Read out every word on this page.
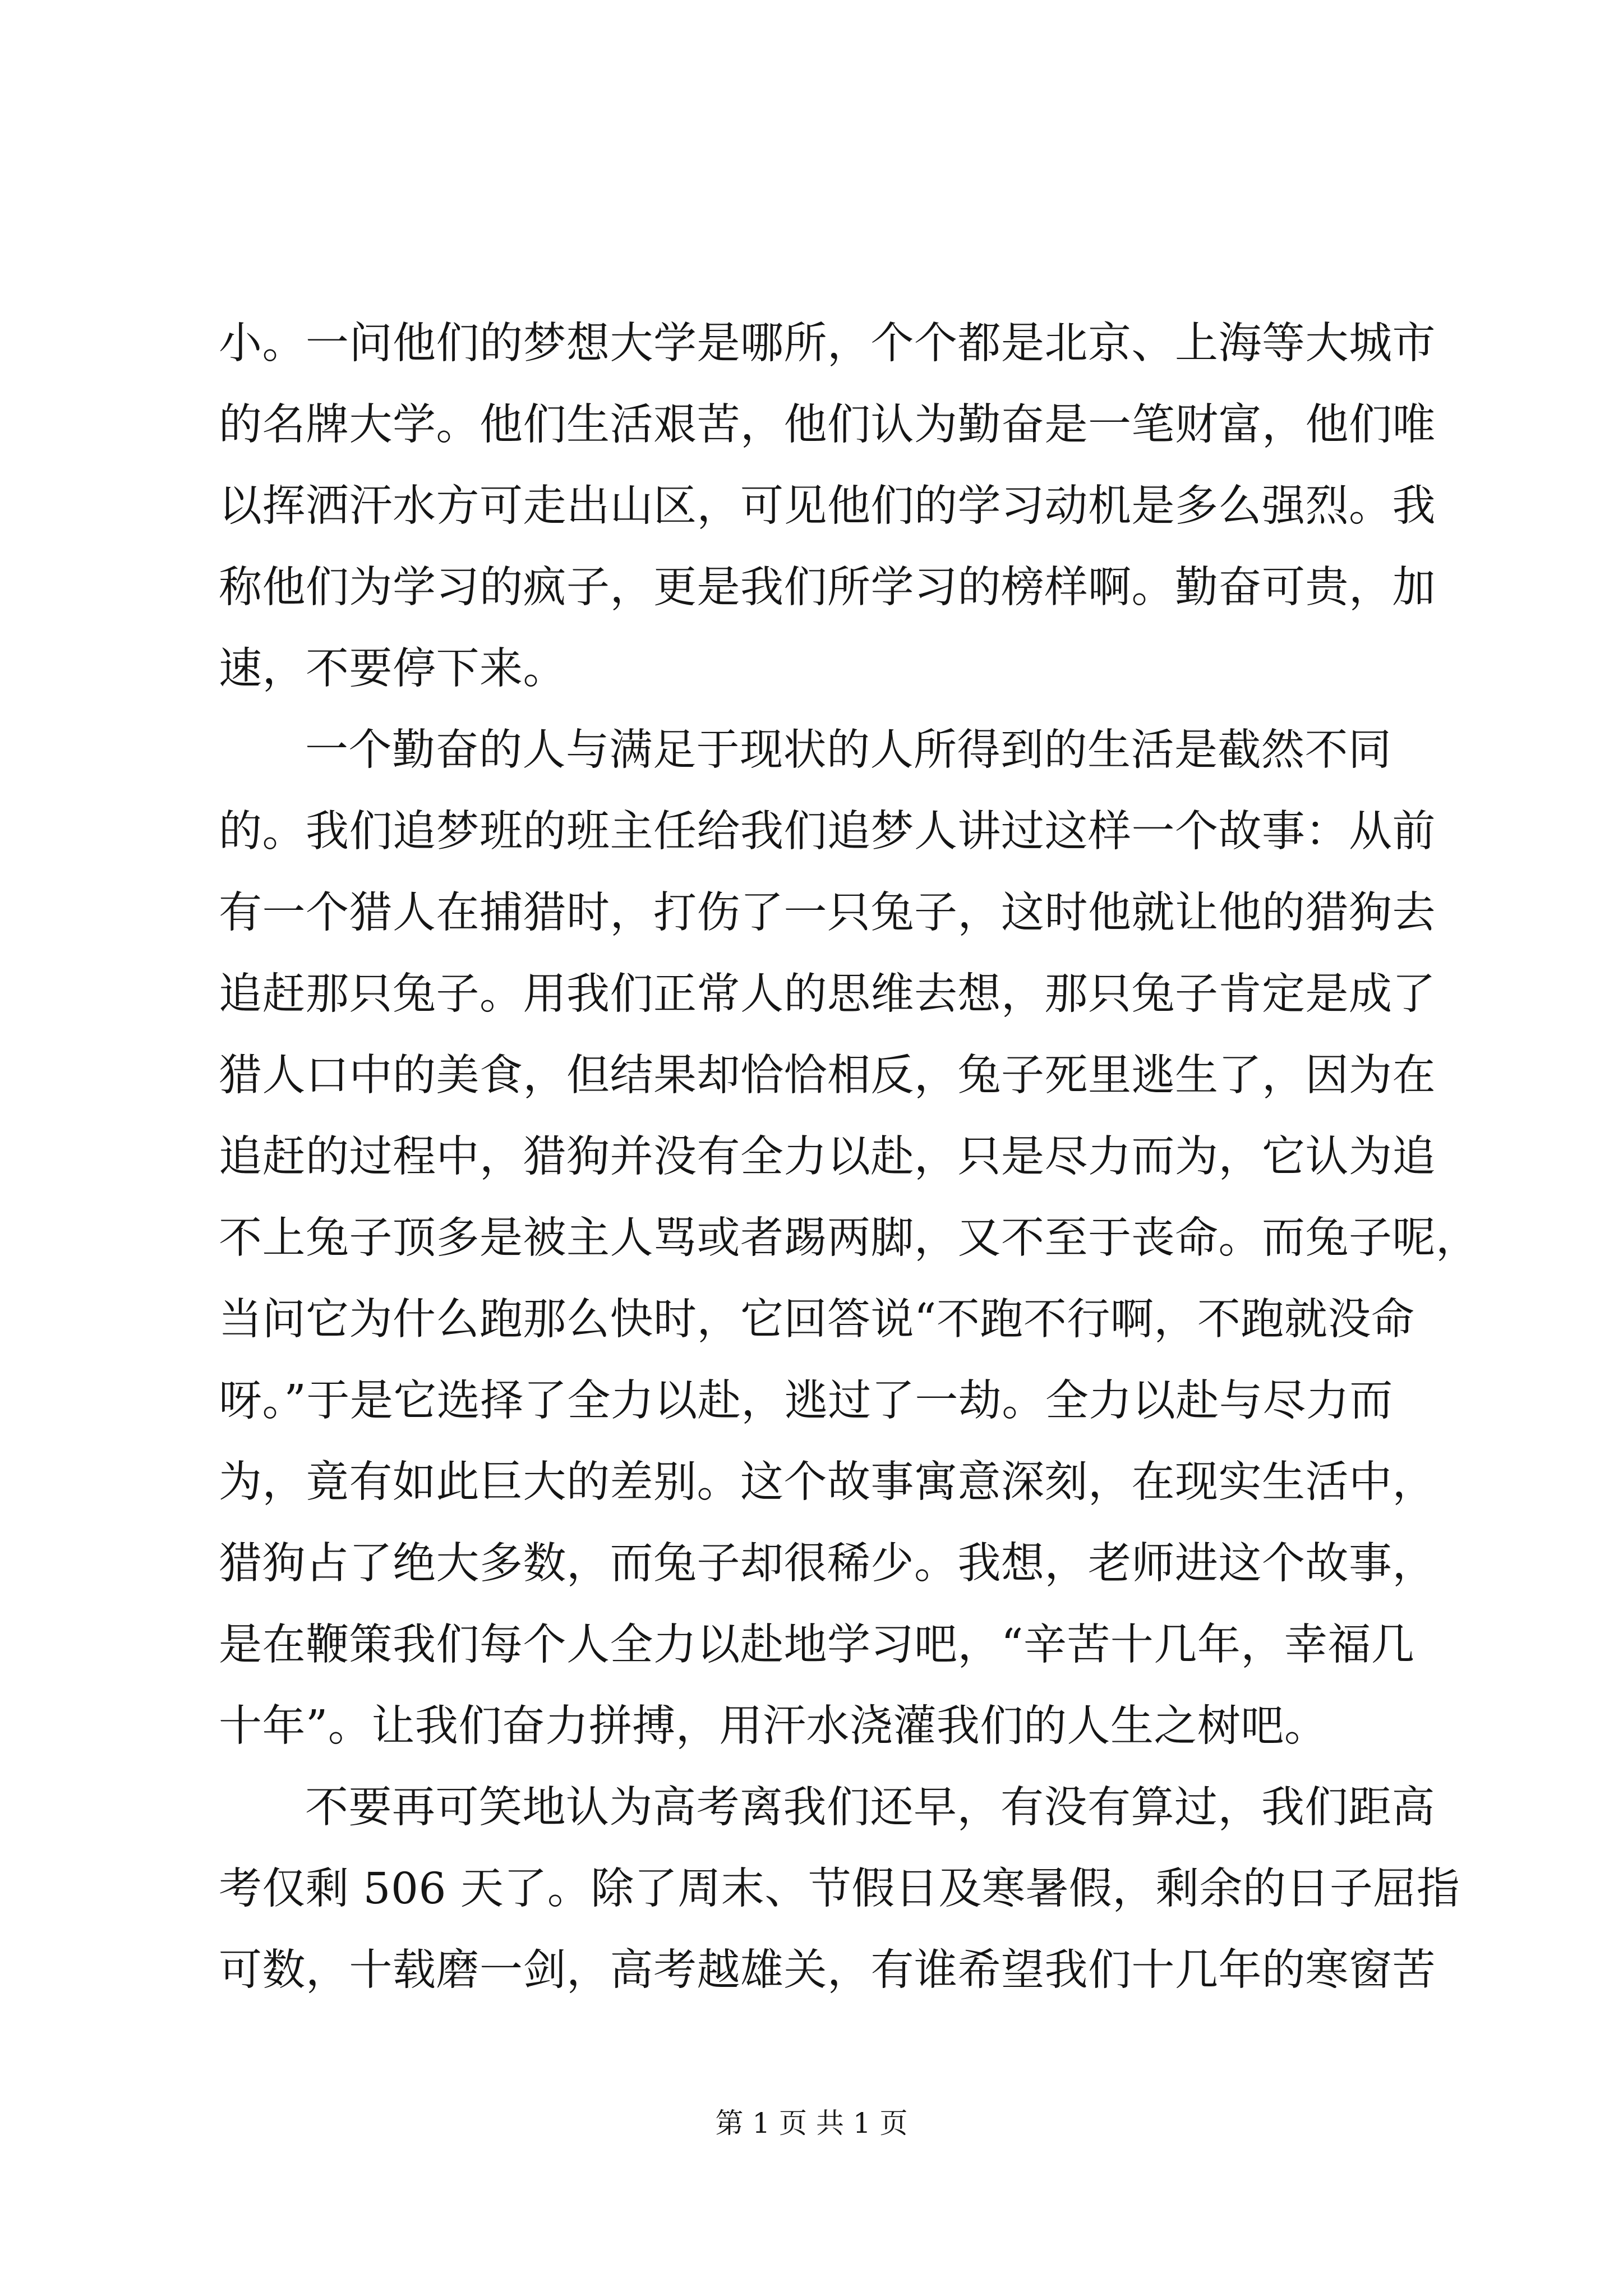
小。一问他们的梦想大学是哪所，个个都是北京、上海等大城市
的名牌大学。他们生活艰苦，他们认为勤奋是一笔财富，他们唯
以挥洒汗水方可走出山区，可见他们的学习动机是多么强烈。我
称他们为学习的疯子，更是我们所学习的榜样啊。勤奋可贵，加
速，不要停下来。
一个勤奋的人与满足于现状的人所得到的生活是截然不同
的。我们追梦班的班主任给我们追梦人讲过这样一个故事：从前
有一个猎人在捕猎时，打伤了一只兔子，这时他就让他的猎狗去
追赶那只兔子。用我们正常人的思维去想，那只兔子肯定是成了
猎人口中的美食，但结果却恰恰相反，兔子死里逃生了，因为在
追赶的过程中，猎狗并没有全力以赴，只是尽力而为，它认为追
不上兔子顶多是被主人骂或者踢两脚，又不至于丧命。而兔子呢，
当问它为什么跑那么快时，它回答说“不跑不行啊，不跑就没命
呀。”于是它选择了全力以赴，逃过了一劫。全力以赴与尽力而
为，竟有如此巨大的差别。这个故事寓意深刻，在现实生活中，
猎狗占了绝大多数，而兔子却很稀少。我想，老师进这个故事，
是在鞭策我们每个人全力以赴地学习吧，“辛苦十几年，幸福几
十年”。让我们奋力拼搏，用汗水浇灌我们的人生之树吧。
不要再可笑地认为高考离我们还早，有没有算过，我们距高
考仅剩 506 天了。除了周末、节假日及寒暑假，剩余的日子屈指
可数，十载磨一剑，高考越雄关，有谁希望我们十几年的寒窗苦
第 1 页 共 1 页
